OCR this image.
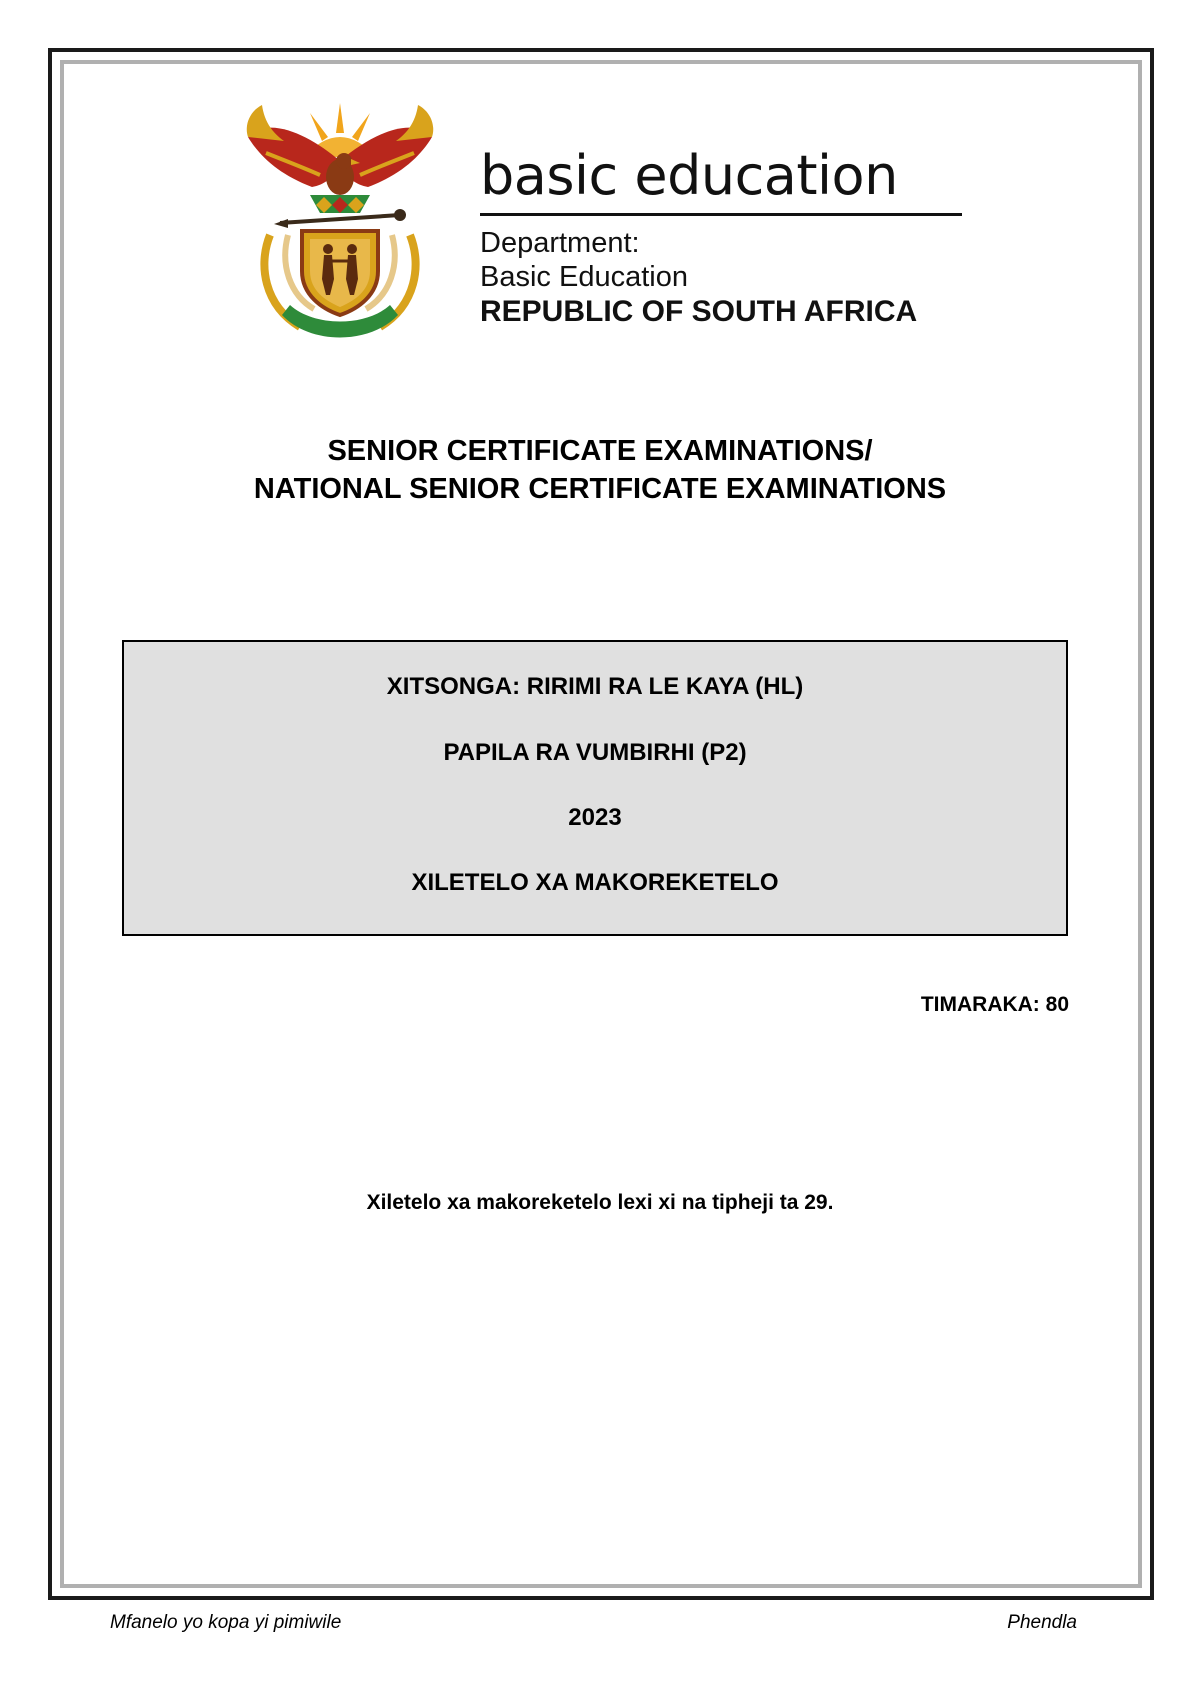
basic education
Department:
Basic Education
REPUBLIC OF SOUTH AFRICA
SENIOR CERTIFICATE EXAMINATIONS/
NATIONAL SENIOR CERTIFICATE EXAMINATIONS
XITSONGA: RIRIMI RA LE KAYA (HL)
PAPILA RA VUMBIRHI (P2)
2023
XILETELO XA MAKOREKETELO
TIMARAKA: 80
Xiletelo xa makoreketelo lexi xi na tipheji ta 29.
Mfanelo yo kopa yi pimiwile	Phendla
